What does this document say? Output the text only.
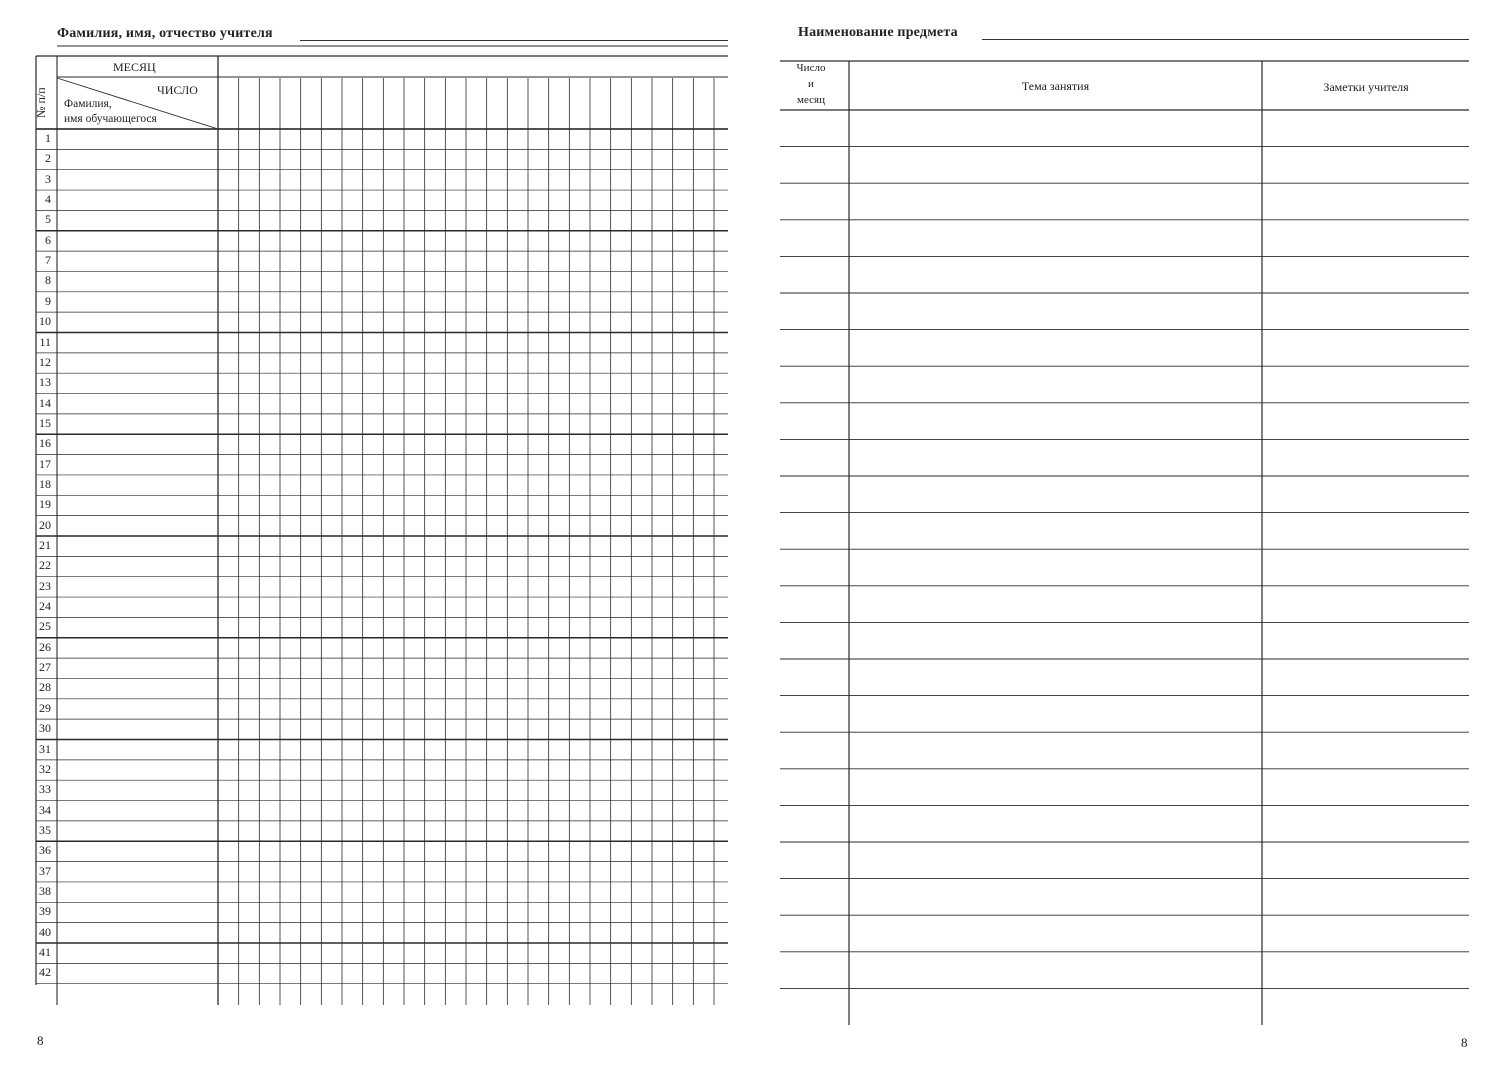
Фамилия, имя, отчество учителя
№ п/п
МЕСЯЦ
ЧИСЛО
Фамилия,
имя обучающегося
1
2
3
4
5
6
7
8
9
10
11
12
13
14
15
16
17
18
19
20
21
22
23
24
25
26
27
28
29
30
31
32
33
34
35
36
37
38
39
40
41
42
8
Наименование предмета
Число
и
месяц
Тема занятия	Заметки учителя
8
